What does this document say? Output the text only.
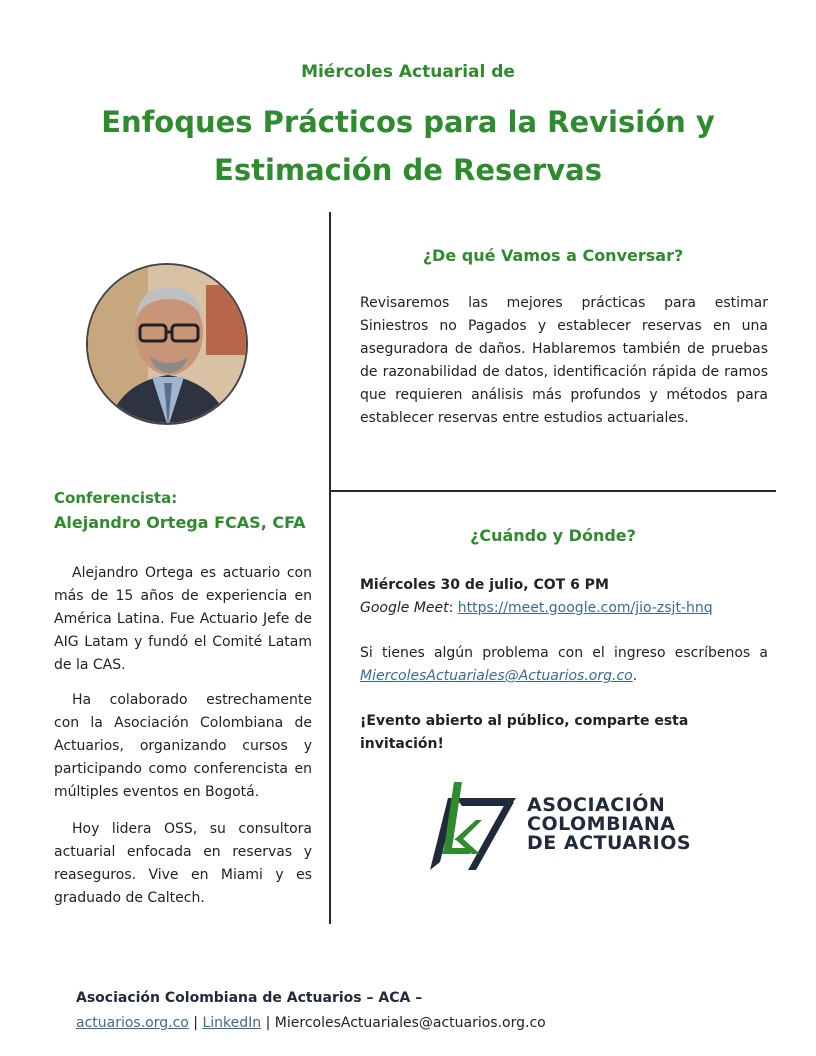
Miércoles Actuarial de
Enfoques Prácticos para la Revisión y
Estimación de Reservas
Conferencista:
Alejandro Ortega FCAS, CFA

Alejandro Ortega es actuario con más de 15 años de experiencia en América Latina. Fue Actuario Jefe de AIG Latam y fundó el Comité Latam de la CAS.

Ha colaborado estrechamente con la Asociación Colombiana de Actuarios, organizando cursos y participando como conferencista en múltiples eventos en Bogotá.

Hoy lidera OSS, su consultora actuarial enfocada en reservas y reaseguros. Vive en Miami y es graduado de Caltech.

¿De qué Vamos a Conversar?
Revisaremos las mejores prácticas para estimar Siniestros no Pagados y establecer reservas en una aseguradora de daños. Hablaremos también de pruebas de razonabilidad de datos, identificación rápida de ramos que requieren análisis más profundos y métodos para establecer reservas entre estudios actuariales.
¿Cuándo y Dónde?
Miércoles 30 de julio, COT 6 PM
Google Meet: https://meet.google.com/jio-zsjt-hnq
Si tienes algún problema con el ingreso escríbenos a MiercolesActuariales@Actuarios.org.co.
¡Evento abierto al público, comparte esta invitación!
ASOCIACIÓN
COLOMBIANA
DE ACTUARIOS
Asociación Colombiana de Actuarios – ACA –
actuarios.org.co | LinkedIn | MiercolesActuariales@actuarios.org.co
